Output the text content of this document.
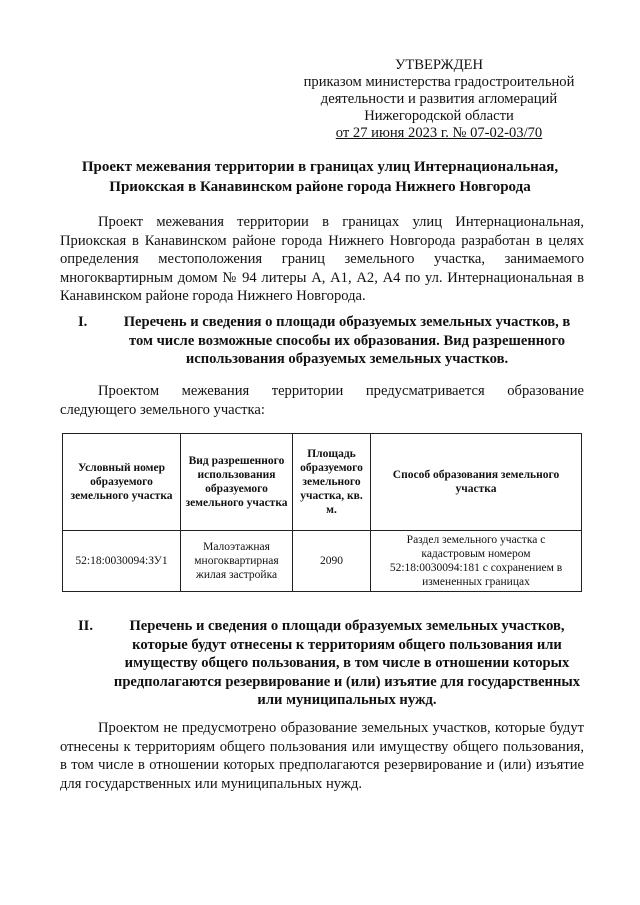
УТВЕРЖДЕН
приказом министерства градостроительной
деятельности и развития агломераций
Нижегородской области
от 27 июня 2023 г. № 07-02-03/70
Проект межевания территории в границах улиц Интернациональная,
Приокская в Канавинском районе города Нижнего Новгорода

Проект межевания территории в границах улиц Интернациональная, Приокская в Канавинском районе города Нижнего Новгорода разработан в целях определения местоположения границ земельного участка, занимаемого многоквартирным домом № 94 литеры А, А1, А2, А4 по ул. Интернациональная в Канавинском районе города Нижнего Новгорода.

I.	Перечень и сведения о площади образуемых земельных участков, в том числе возможные способы их образования. Вид разрешенного использования образуемых земельных участков.

Проектом межевания территории предусматривается образование следующего земельного участка:

Условный номер образуемого земельного участка	Вид разрешенного использования образуемого земельного участка	Площадь образуемого земельного участка, кв. м.	Способ образования земельного участка
52:18:0030094:ЗУ1	Малоэтажная многоквартирная жилая застройка	2090	Раздел земельного участка с кадастровым номером 52:18:0030094:181 с сохранением в измененных границах
II.	Перечень и сведения о площади образуемых земельных участков, которые будут отнесены к территориям общего пользования или имуществу общего пользования, в том числе в отношении которых предполагаются резервирование и (или) изъятие для государственных или муниципальных нужд.

Проектом не предусмотрено образование земельных участков, которые будут отнесены к территориям общего пользования или имуществу общего пользования, в том числе в отношении которых предполагаются резервирование и (или) изъятие для государственных или муниципальных нужд.
